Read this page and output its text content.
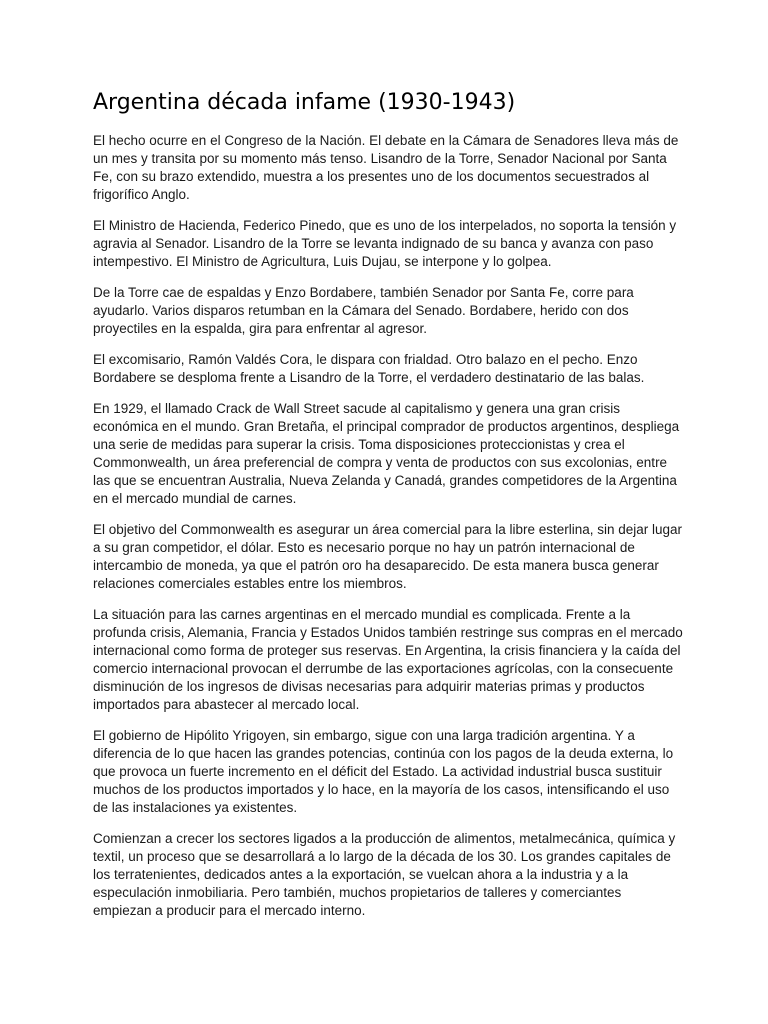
Argentina década infame (1930-1943)

El hecho ocurre en el Congreso de la Nación. El debate en la Cámara de Senadores lleva más de un mes y transita por su momento más tenso. Lisandro de la Torre, Senador Nacional por Santa Fe, con su brazo extendido, muestra a los presentes uno de los documentos secuestrados al frigorífico Anglo.

El Ministro de Hacienda, Federico Pinedo, que es uno de los interpelados, no soporta la tensión y agravia al Senador. Lisandro de la Torre se levanta indignado de su banca y avanza con paso intempestivo. El Ministro de Agricultura, Luis Dujau, se interpone y lo golpea.

De la Torre cae de espaldas y Enzo Bordabere, también Senador por Santa Fe, corre para ayudarlo. Varios disparos retumban en la Cámara del Senado. Bordabere, herido con dos proyectiles en la espalda, gira para enfrentar al agresor.

El excomisario, Ramón Valdés Cora, le dispara con frialdad. Otro balazo en el pecho. Enzo Bordabere se desploma frente a Lisandro de la Torre, el verdadero destinatario de las balas.

En 1929, el llamado Crack de Wall Street sacude al capitalismo y genera una gran crisis económica en el mundo. Gran Bretaña, el principal comprador de productos argentinos, despliega una serie de medidas para superar la crisis. Toma disposiciones proteccionistas y crea el Commonwealth, un área preferencial de compra y venta de productos con sus excolonias, entre las que se encuentran Australia, Nueva Zelanda y Canadá, grandes competidores de la Argentina en el mercado mundial de carnes.

El objetivo del Commonwealth es asegurar un área comercial para la libre esterlina, sin dejar lugar a su gran competidor, el dólar. Esto es necesario porque no hay un patrón internacional de intercambio de moneda, ya que el patrón oro ha desaparecido. De esta manera busca generar relaciones comerciales estables entre los miembros.

La situación para las carnes argentinas en el mercado mundial es complicada. Frente a la profunda crisis, Alemania, Francia y Estados Unidos también restringe sus compras en el mercado internacional como forma de proteger sus reservas. En Argentina, la crisis financiera y la caída del comercio internacional provocan el derrumbe de las exportaciones agrícolas, con la consecuente disminución de los ingresos de divisas necesarias para adquirir materias primas y productos importados para abastecer al mercado local.

El gobierno de Hipólito Yrigoyen, sin embargo, sigue con una larga tradición argentina. Y a diferencia de lo que hacen las grandes potencias, continúa con los pagos de la deuda externa, lo que provoca un fuerte incremento en el déficit del Estado. La actividad industrial busca sustituir muchos de los productos importados y lo hace, en la mayoría de los casos, intensificando el uso de las instalaciones ya existentes.

Comienzan a crecer los sectores ligados a la producción de alimentos, metalmecánica, química y textil, un proceso que se desarrollará a lo largo de la década de los 30. Los grandes capitales de los terratenientes, dedicados antes a la exportación, se vuelcan ahora a la industria y a la especulación inmobiliaria. Pero también, muchos propietarios de talleres y comerciantes empiezan a producir para el mercado interno.
